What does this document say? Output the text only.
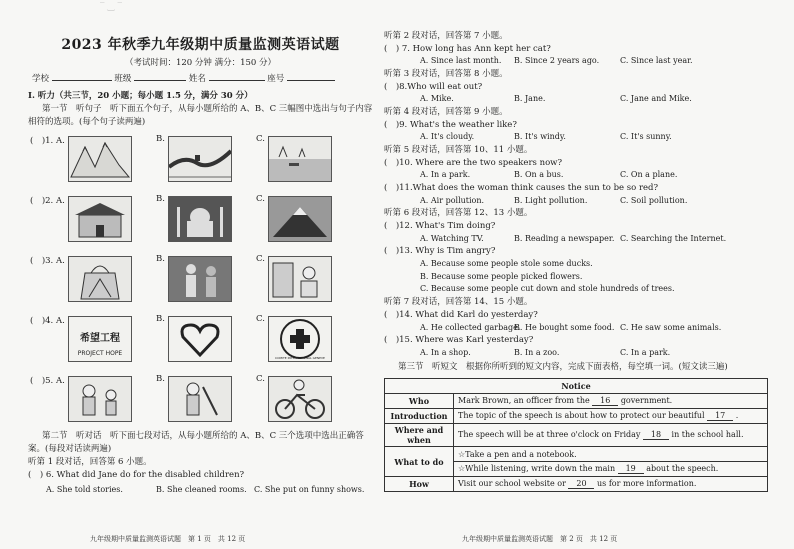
‾ ‿ ‾
2023 年秋季九年级期中质量监测英语试题
（考试时间：120 分钟 满分：150 分）
学校	班级	姓名	座号
I. 听力（共三节，20 小题；每小题 1.5 分，满分 30 分）
第一节　听句子　听下面五个句子，从每小题所给的 A、B、C 三幅图中选出与句子内容相符的选项。(每个句子读两遍)
(　)1. A.	B.	C.
(　)2. A.	B.	C.
(　)3. A.	B.	C.
(　)4. A.
希望工程
PROJECT HOPE
B.	C.
COMITE INTERNATIONAL GENEVE
(　)5. A.	B.	C.
第二节　听对话　听下面七段对话，从每小题所给的 A、B、C 三个选项中选出正确答案。(每段对话读两遍)
听第 1 段对话，回答第 6 小题。
(　) 6. What did Jane do for the disabled children?
A. She told stories.	B. She cleaned rooms. C. She put on funny shows.
九年级期中质量监测英语试题　第 1 页　共 12 页
听第 2 段对话，回答第 7 小题。
(　) 7. How long has Ann kept her cat?
A. Since last month. B. Since 2 years ago.	C. Since last year.
听第 3 段对话，回答第 8 小题。
(　)8.Who will eat out?
A. Mike.	B. Jane.	C. Jane and Mike.
听第 4 段对话，回答第 9 小题。
(　)9. What's the weather like?
A. It's cloudy.	B. It's windy.	C. It's sunny.
听第 5 段对话，回答第 10、11 小题。
(　)10. Where are the two speakers now?
A. In a park.	B. On a bus.	C. On a plane.
(　)11.What does the woman think causes the sun to be so red?
A. Air pollution.	B. Light pollution.	C. Soil pollution.
听第 6 段对话，回答第 12、13 小题。
(　)12. What's Tim doing?
A. Watching TV.	B. Reading a newspaper. C. Searching the Internet.
(　)13. Why is Tim angry?
A. Because some people stole some ducks.
B. Because some people picked flowers.
C. Because some people cut down and stole hundreds of trees.
听第 7 段对话，回答第 14、15 小题。
(　)14. What did Karl do yesterday?
A. He collected garbage.
B. He bought some food. C. He saw some animals.
(　)15. Where was Karl yesterday?
A. In a shop.	B. In a zoo.	C. In a park.
第三节　听短文　根据你所听到的短文内容，完成下面表格，每空填一词。(短文读三遍)
Notice	
Who	Mark Brown, an officer from the 16 government.
Introduction	The topic of the speech is about how to protect our beautiful 17 .
Where and when	The speech will be at three o'clock on Friday 18 in the school hall.
What to do	☆Take a pen and a notebook.
	☆While listening, write down the main 19 about the speech.
How	Visit our school website or 20 us for more information.
九年级期中质量监测英语试题　第 2 页　共 12 页
